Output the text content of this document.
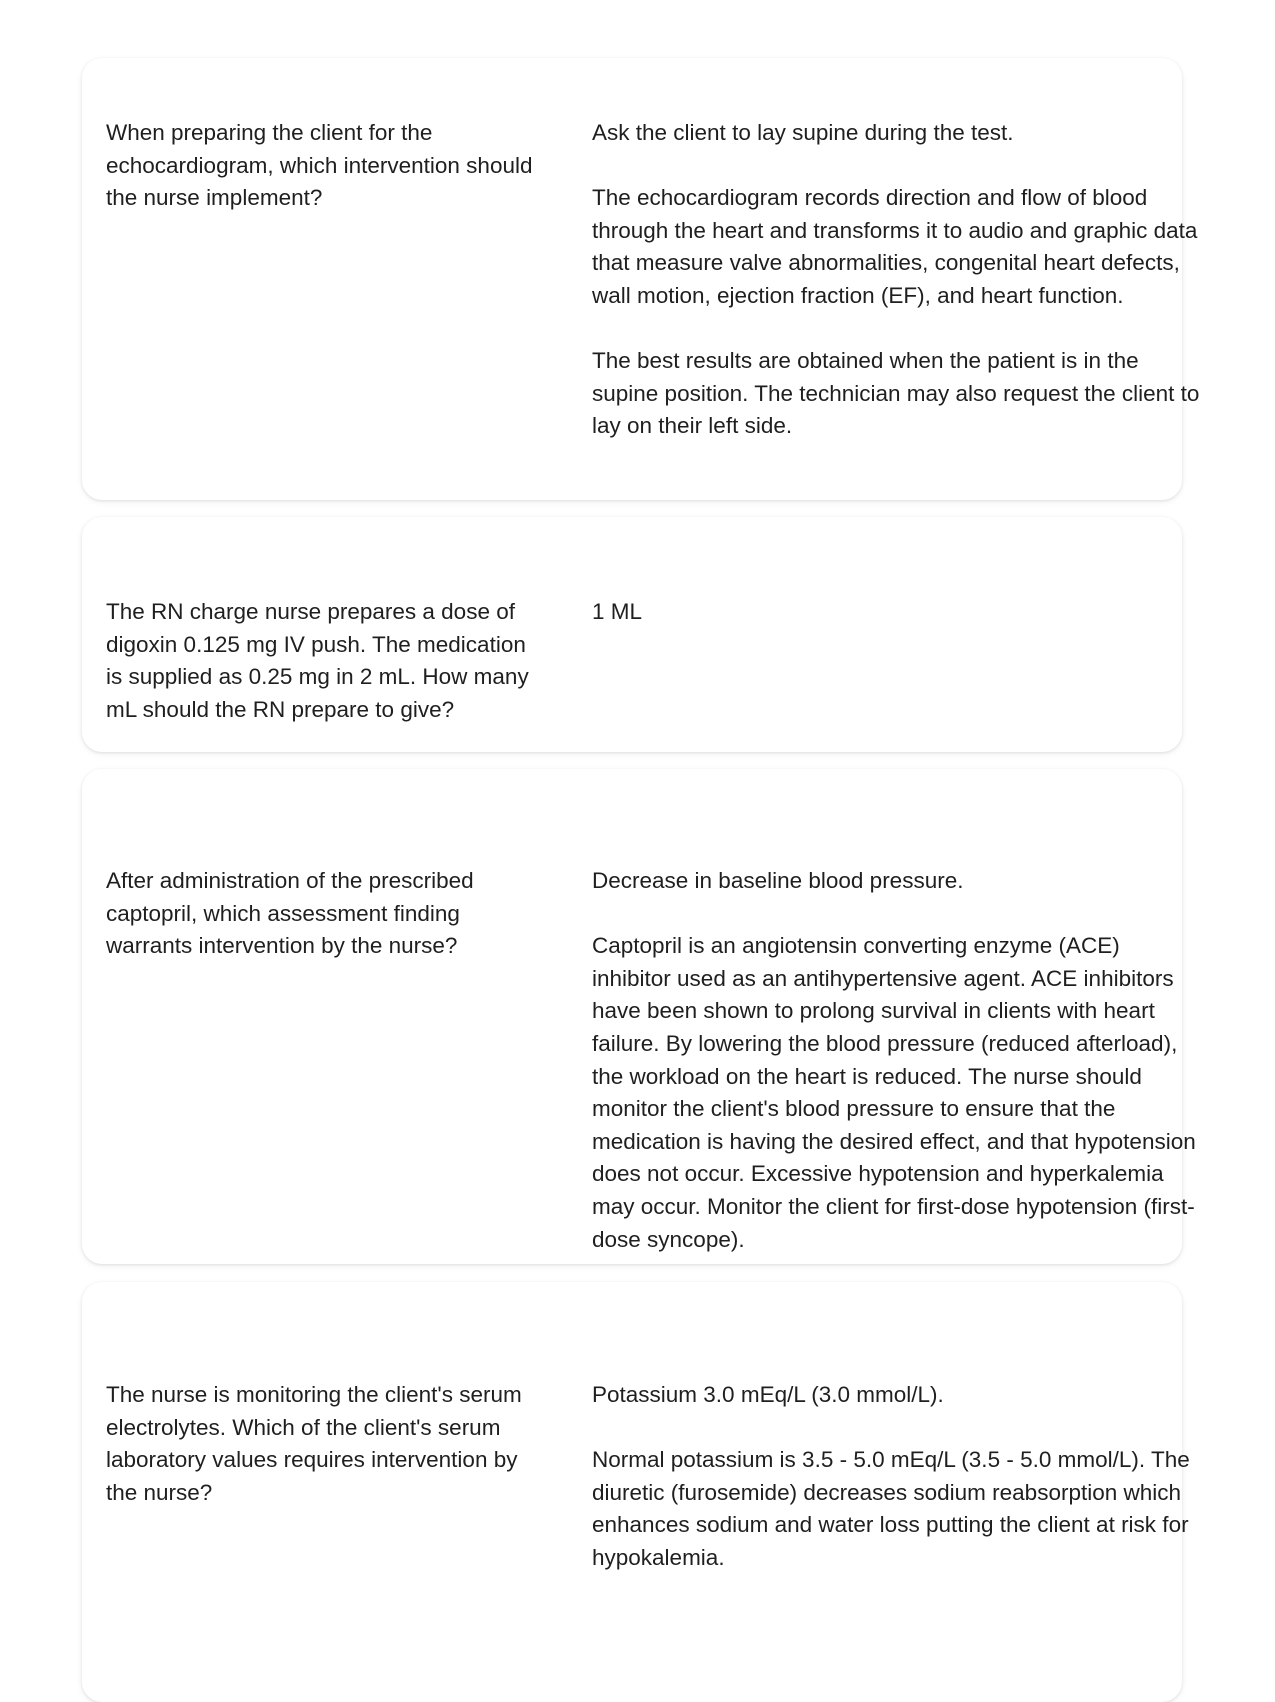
When preparing the client for the echocardiogram, which intervention should the nurse implement?

Ask the client to lay supine during the test.

The echocardiogram records direction and flow of blood through the heart and transforms it to audio and graphic data that measure valve abnormalities, congenital heart defects, wall motion, ejection fraction (EF), and heart function.

The best results are obtained when the patient is in the supine position. The technician may also request the client to lay on their left side.

The RN charge nurse prepares a dose of digoxin 0.125 mg IV push. The medication is supplied as 0.25 mg in 2 mL. How many mL should the RN prepare to give?

1 ML

After administration of the prescribed captopril, which assessment finding warrants intervention by the nurse?

Decrease in baseline blood pressure.

Captopril is an angiotensin converting enzyme (ACE) inhibitor used as an antihypertensive agent. ACE inhibitors have been shown to prolong survival in clients with heart failure. By lowering the blood pressure (reduced afterload), the workload on the heart is reduced. The nurse should monitor the client's blood pressure to ensure that the medication is having the desired effect, and that hypotension does not occur. Excessive hypotension and hyperkalemia may occur. Monitor the client for first-dose hypotension (first-dose syncope).

The nurse is monitoring the client's serum electrolytes. Which of the client's serum laboratory values requires intervention by the nurse?

Potassium 3.0 mEq/L (3.0 mmol/L).

Normal potassium is 3.5 - 5.0 mEq/L (3.5 - 5.0 mmol/L). The diuretic (furosemide) decreases sodium reabsorption which enhances sodium and water loss putting the client at risk for hypokalemia.
